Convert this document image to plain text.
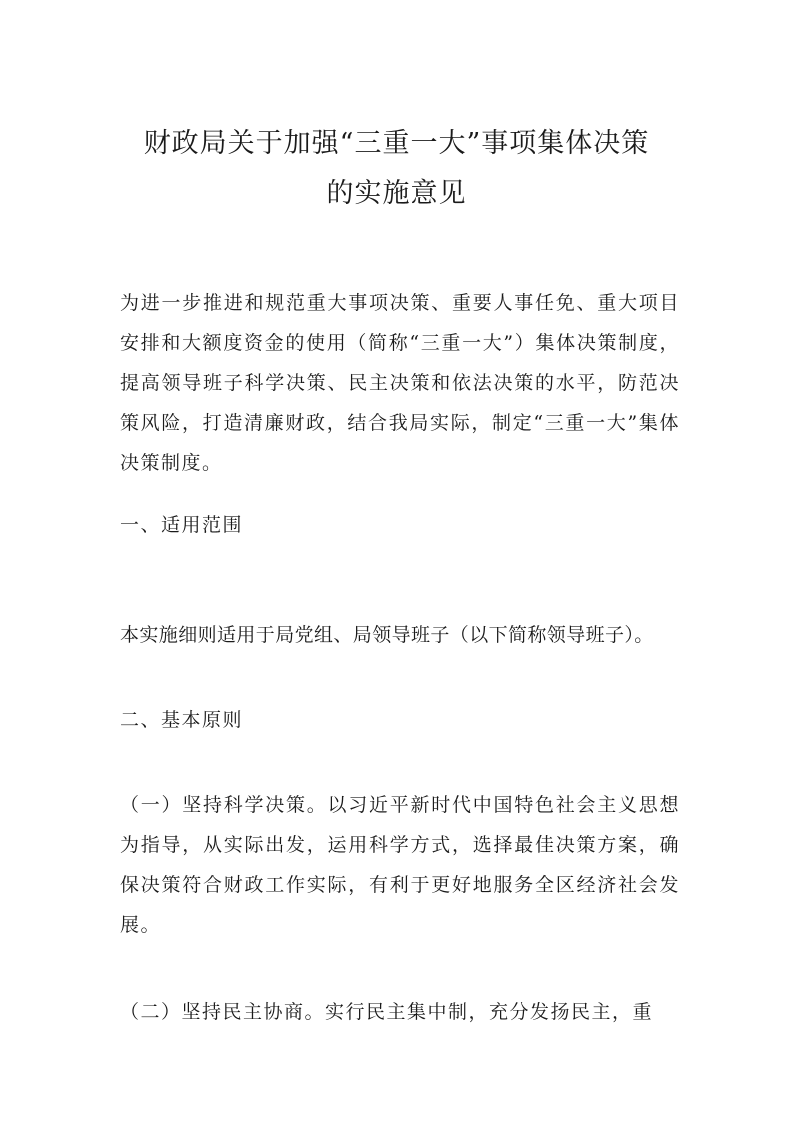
财政局关于加强“三重一大”事项集体决策
的实施意见

为进一步推进和规范重大事项决策、重要人事任免、重大项目安排和大额度资金的使用（简称“三重一大”）集体决策制度，提高领导班子科学决策、民主决策和依法决策的水平，防范决策风险，打造清廉财政，结合我局实际，制定“三重一大”集体决策制度。

一、适用范围

本实施细则适用于局党组、局领导班子（以下简称领导班子）。

二、基本原则

（一）坚持科学决策。以习近平新时代中国特色社会主义思想为指导，从实际出发，运用科学方式，选择最佳决策方案，确保决策符合财政工作实际，有利于更好地服务全区经济社会发展。

（二）坚持民主协商。实行民主集中制，充分发扬民主，重
